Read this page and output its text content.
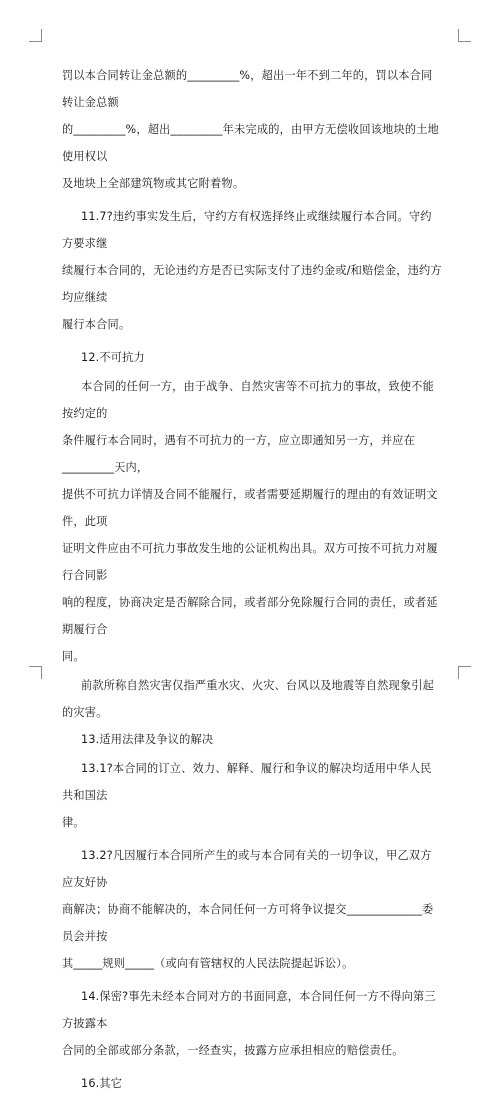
罚以本合同转让金总额的_________%，超出一年不到二年的，罚以本合同转让金总额

的_________%，超出_________年未完成的，由甲方无偿收回该地块的土地使用权以

及地块上全部建筑物或其它附着物。

11.7?违约事实发生后，守约方有权选择终止或继续履行本合同。守约方要求继

续履行本合同的，无论违约方是否已实际支付了违约金或/和赔偿金，违约方均应继续

履行本合同。

12.不可抗力

本合同的任何一方，由于战争、自然灾害等不可抗力的事故，致使不能按约定的

条件履行本合同时，遇有不可抗力的一方，应立即通知另一方，并应在_________天内，

提供不可抗力详情及合同不能履行，或者需要延期履行的理由的有效证明文件，此项

证明文件应由不可抗力事故发生地的公证机构出具。双方可按不可抗力对履行合同影

响的程度，协商决定是否解除合同，或者部分免除履行合同的责任，或者延期履行合

同。

前款所称自然灾害仅指严重水灾、火灾、台风以及地震等自然现象引起的灾害。

13.适用法律及争议的解决

13.1?本合同的订立、效力、解释、履行和争议的解决均适用中华人民共和国法

律。

13.2?凡因履行本合同所产生的或与本合同有关的一切争议，甲乙双方应友好协

商解决；协商不能解决的，本合同任何一方可将争议提交_____________委员会并按

其_____规则_____（或向有管辖权的人民法院提起诉讼）。

14.保密?事先未经本合同对方的书面同意，本合同任何一方不得向第三方披露本

合同的全部或部分条款，一经查实，披露方应承担相应的赔偿责任。

16.其它
